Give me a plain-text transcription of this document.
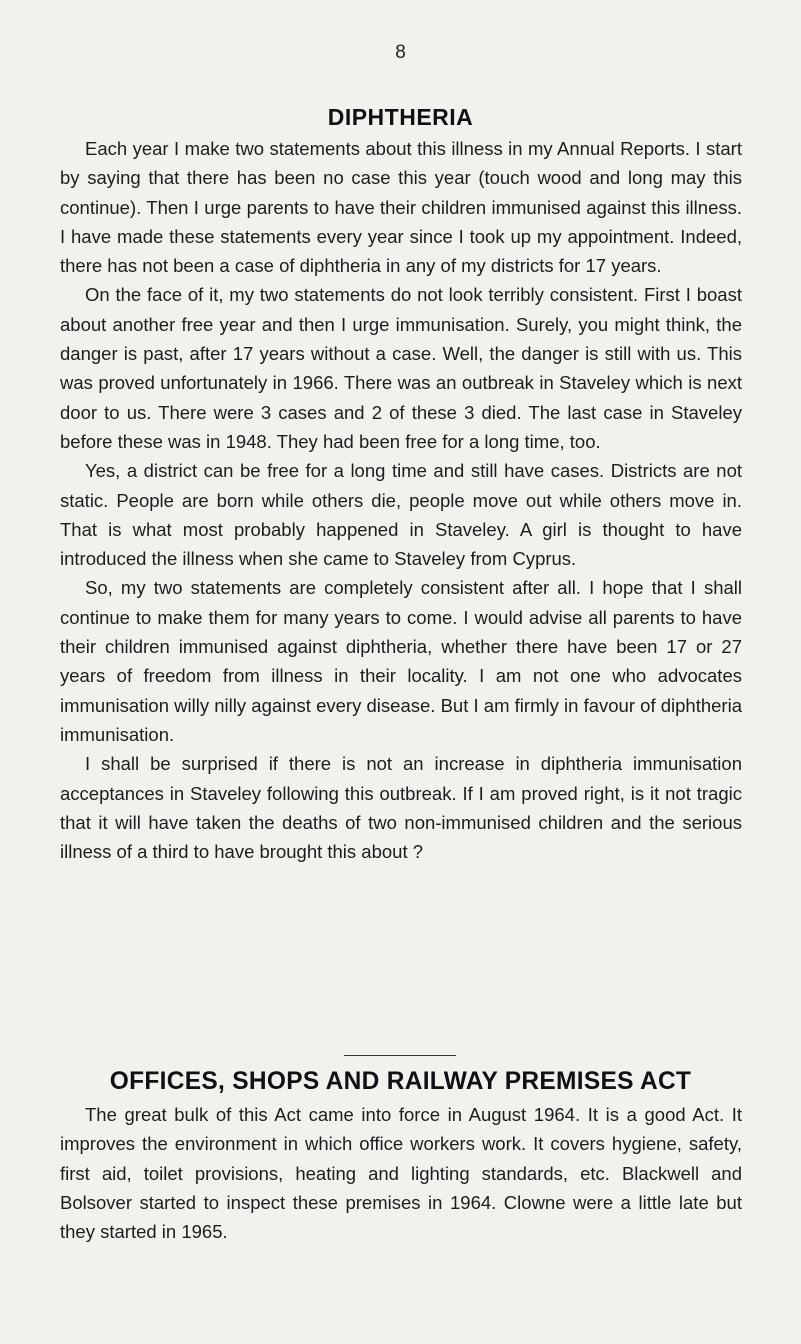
8
DIPHTHERIA

Each year I make two statements about this illness in my Annual Reports. I start by saying that there has been no case this year (touch wood and long may this continue). Then I urge parents to have their children immunised against this illness. I have made these statements every year since I took up my appointment. Indeed, there has not been a case of diphtheria in any of my districts for 17 years.

On the face of it, my two statements do not look terribly consistent. First I boast about another free year and then I urge immunisation. Surely, you might think, the danger is past, after 17 years without a case. Well, the danger is still with us. This was proved unfortunately in 1966. There was an outbreak in Staveley which is next door to us. There were 3 cases and 2 of these 3 died. The last case in Staveley before these was in 1948. They had been free for a long time, too.

Yes, a district can be free for a long time and still have cases. Districts are not static. People are born while others die, people move out while others move in. That is what most probably happened in Staveley. A girl is thought to have introduced the illness when she came to Staveley from Cyprus.

So, my two statements are completely consistent after all. I hope that I shall continue to make them for many years to come. I would advise all parents to have their children immunised against diphtheria, whether there have been 17 or 27 years of freedom from illness in their locality. I am not one who advocates immunisation willy nilly against every disease. But I am firmly in favour of diphtheria immunisation.

I shall be surprised if there is not an increase in diphtheria immunisation acceptances in Staveley following this outbreak. If I am proved right, is it not tragic that it will have taken the deaths of two non-immunised children and the serious illness of a third to have brought this about ?

OFFICES, SHOPS AND RAILWAY PREMISES ACT

The great bulk of this Act came into force in August 1964. It is a good Act. It improves the environment in which office workers work. It covers hygiene, safety, first aid, toilet provisions, heating and lighting standards, etc. Blackwell and Bolsover started to inspect these premises in 1964. Clowne were a little late but they started in 1965.
